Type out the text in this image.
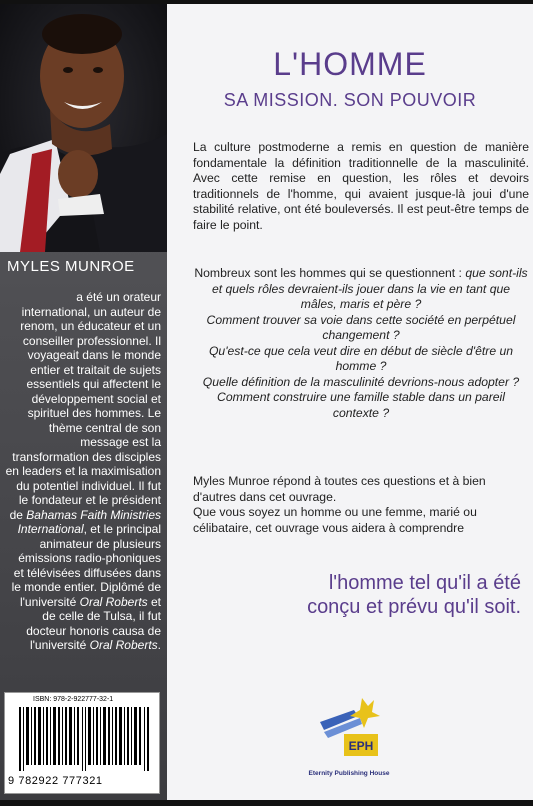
MYLES MUNROE
a été un orateur international, un auteur de renom, un éducateur et un conseiller professionnel. Il voyageait dans le monde entier et traitait de sujets essentiels qui affectent le développement social et spirituel des hommes. Le thème central de son message est la transformation des disciples en leaders et la maximisation du potentiel individuel. Il fut le fondateur et le président de Bahamas Faith Ministries International, et le principal animateur de plusieurs émissions radio-phoniques et télévisées diffusées dans le monde entier. Diplômé de l'université Oral Roberts et de celle de Tulsa, il fut docteur honoris causa de l'université Oral Roberts.
ISBN: 978-2-922777-32-1
9 782922 777321
L'HOMME
SA MISSION. SON POUVOIR
La culture postmoderne a remis en question de manière fondamentale la définition traditionnelle de la masculinité. Avec cette remise en question, les rôles et devoirs traditionnels de l'homme, qui avaient jusque-là joui d'une stabilité relative, ont été bouleversés. Il est peut-être temps de faire le point.
Nombreux sont les hommes qui se questionnent : que sont-ils et quels rôles devraient-ils jouer dans la vie en tant que mâles, maris et père ?
Comment trouver sa voie dans cette société en perpétuel changement ?
Qu'est-ce que cela veut dire en début de siècle d'être un homme ?
Quelle définition de la masculinité devrions-nous adopter ?
Comment construire une famille stable dans un pareil contexte ?
Myles Munroe répond à toutes ces questions et à bien d'autres dans cet ouvrage.
Que vous soyez un homme ou une femme, marié ou célibataire, cet ouvrage vous aidera à comprendre
l'homme tel qu'il a été
conçu et prévu qu'il soit.
EPH
Eternity Publishing House
